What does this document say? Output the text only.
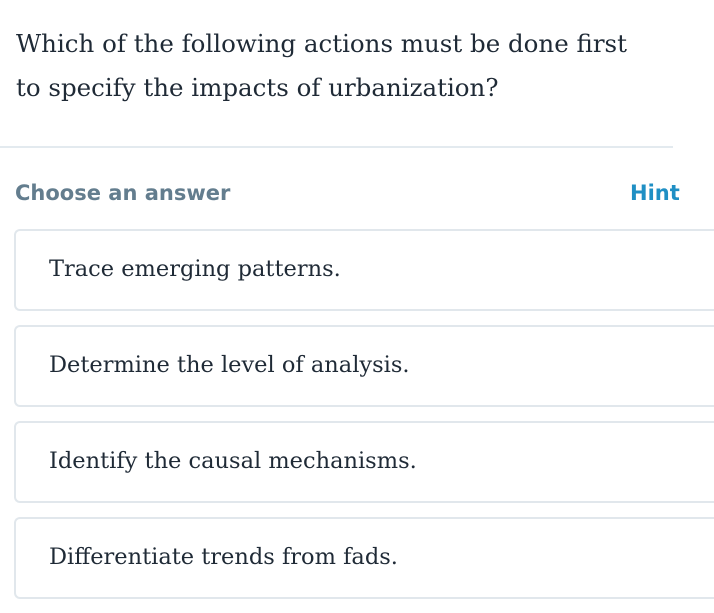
Which of the following actions must be done first to specify the impacts of urbanization?

Choose an answer	Hint
Trace emerging patterns.
Determine the level of analysis.
Identify the causal mechanisms.
Differentiate trends from fads.
